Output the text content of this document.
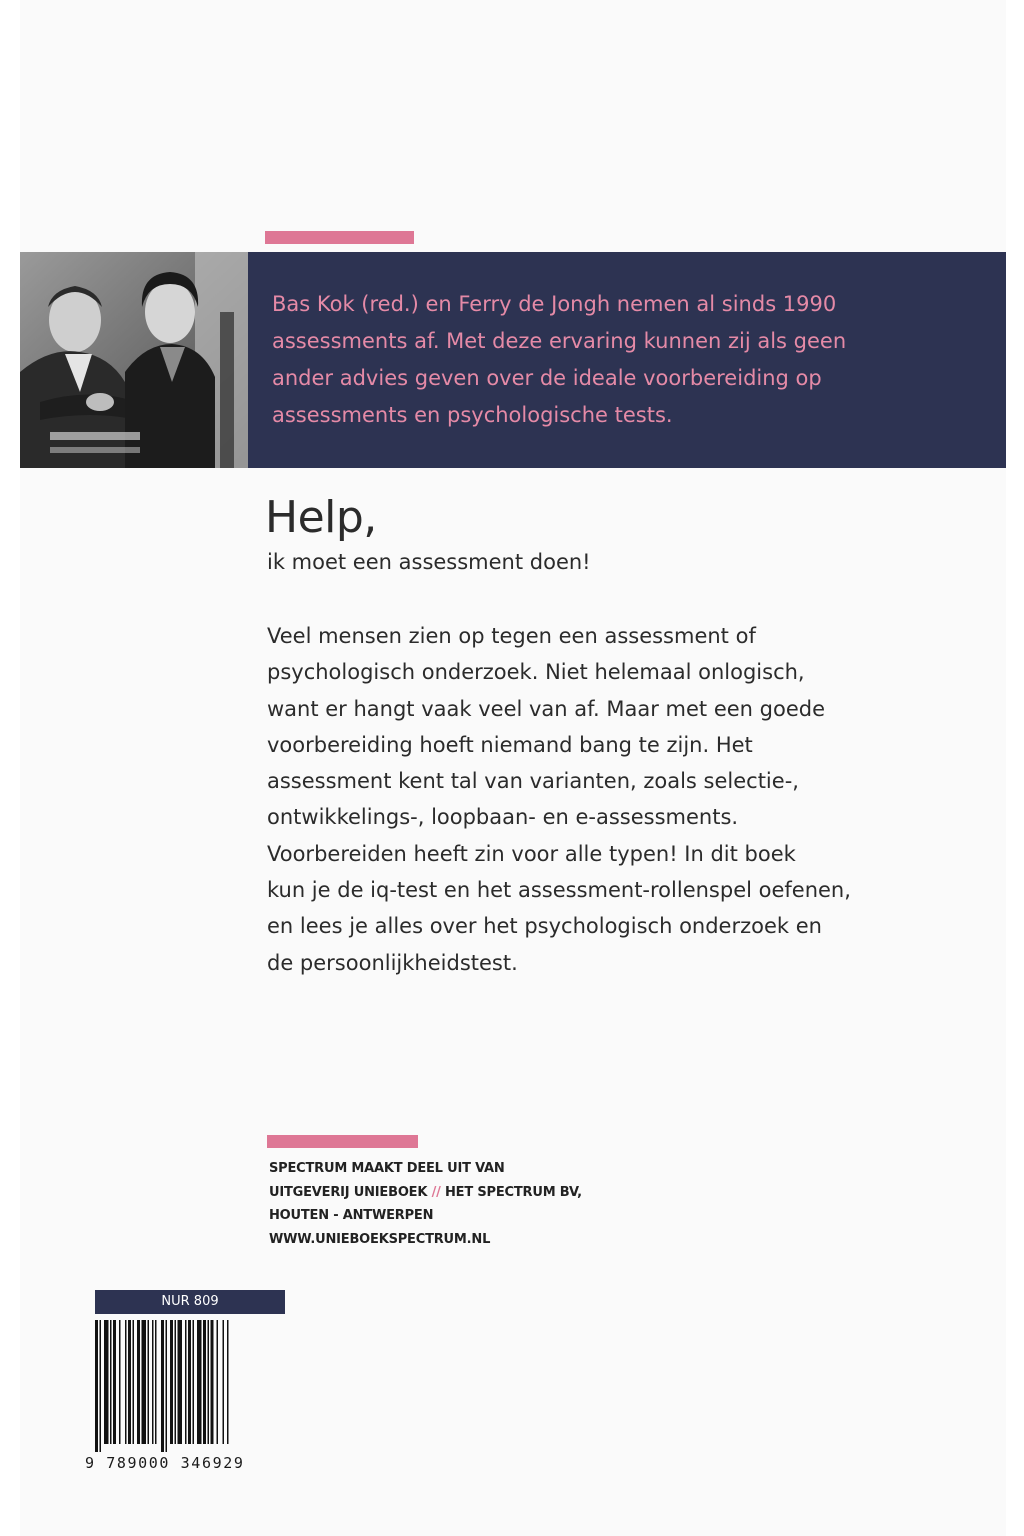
Bas Kok (red.) en Ferry de Jongh nemen al sinds 1990
assessments af. Met deze ervaring kunnen zij als geen
ander advies geven over de ideale voorbereiding op
assessments en psychologische tests.

Help,

ik moet een assessment doen!

Veel mensen zien op tegen een assessment of
psychologisch onderzoek. Niet helemaal onlogisch,
want er hangt vaak veel van af. Maar met een goede
voorbereiding hoeft niemand bang te zijn. Het
assessment kent tal van varianten, zoals selectie-,
ontwikkelings-, loopbaan- en e-assessments.
Voorbereiden heeft zin voor alle typen! In dit boek
kun je de iq-test en het assessment-rollenspel oefenen,
en lees je alles over het psychologisch onderzoek en
de persoonlijkheidstest.

SPECTRUM MAAKT DEEL UIT VAN
UITGEVERIJ UNIEBOEK // HET SPECTRUM BV,
HOUTEN - ANTWERPEN
WWW.UNIEBOEKSPECTRUM.NL

NUR 809

9 789000 346929
